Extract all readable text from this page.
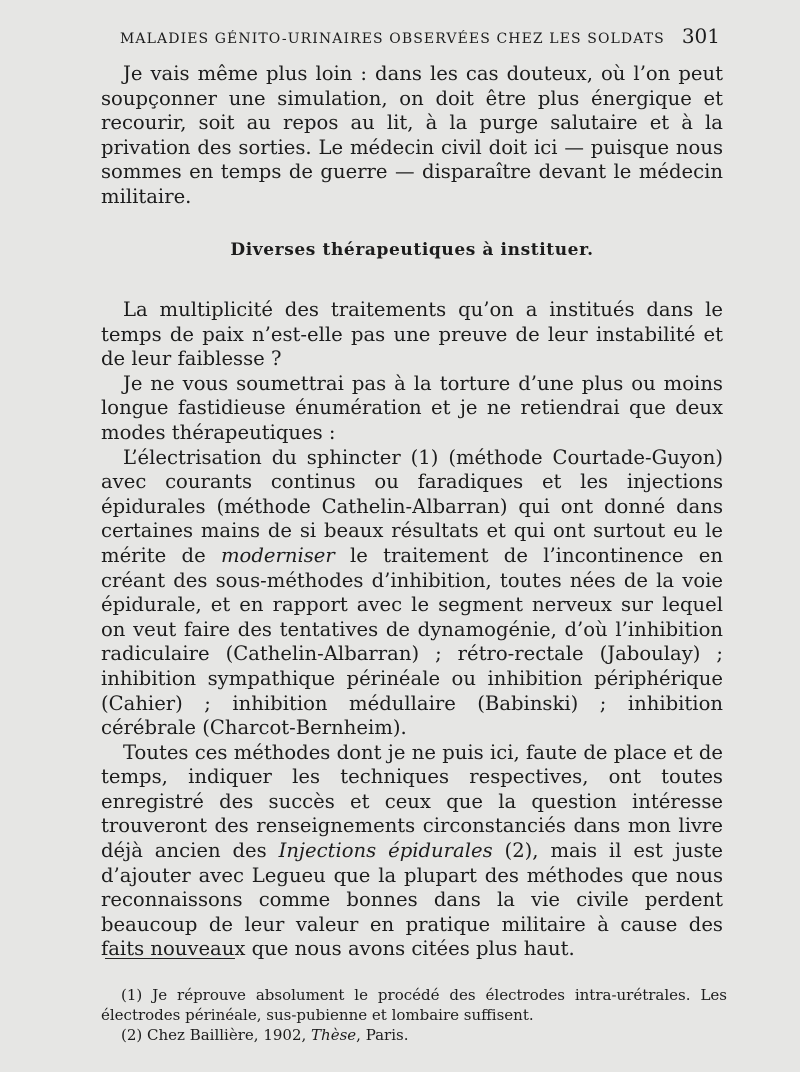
MALADIES GÉNITO-URINAIRES OBSERVÉES CHEZ LES SOLDATS 301

Je vais même plus loin : dans les cas douteux, où l’on peut soupçonner une simulation, on doit être plus énergique et recourir, soit au repos au lit, à la purge salutaire et à la privation des sorties. Le médecin civil doit ici — puisque nous sommes en temps de guerre — disparaître devant le médecin militaire.

Diverses thérapeutiques à instituer.

La multiplicité des traitements qu’on a institués dans le temps de paix n’est-elle pas une preuve de leur instabilité et de leur faiblesse ?

Je ne vous soumettrai pas à la torture d’une plus ou moins longue fastidieuse énumération et je ne retiendrai que deux modes thérapeutiques :

L’électrisation du sphincter (1) (méthode Courtade-Guyon) avec courants continus ou faradiques et les injections épidurales (méthode Cathelin-Albarran) qui ont donné dans certaines mains de si beaux résultats et qui ont surtout eu le mérite de moderniser le traitement de l’incontinence en créant des sous-méthodes d’inhibition, toutes nées de la voie épidurale, et en rapport avec le segment nerveux sur lequel on veut faire des tentatives de dynamogénie, d’où l’inhibition radiculaire (Cathelin-Albarran) ; rétro-rectale (Jaboulay) ; inhibition sympathique périnéale ou inhibition périphérique (Cahier) ; inhibition médullaire (Babinski) ; inhibition cérébrale (Charcot-Bernheim).

Toutes ces méthodes dont je ne puis ici, faute de place et de temps, indiquer les techniques respectives, ont toutes enregistré des succès et ceux que la question intéresse trouveront des renseignements circonstanciés dans mon livre déjà ancien des Injections épidurales (2), mais il est juste d’ajouter avec Legueu que la plupart des méthodes que nous reconnaissons comme bonnes dans la vie civile perdent beaucoup de leur valeur en pratique militaire à cause des faits nouveaux que nous avons citées plus haut.

(1) Je réprouve absolument le procédé des électrodes intra-urétrales. Les électrodes périnéale, sus-pubienne et lombaire suffisent.

(2) Chez Baillière, 1902, Thèse, Paris.
